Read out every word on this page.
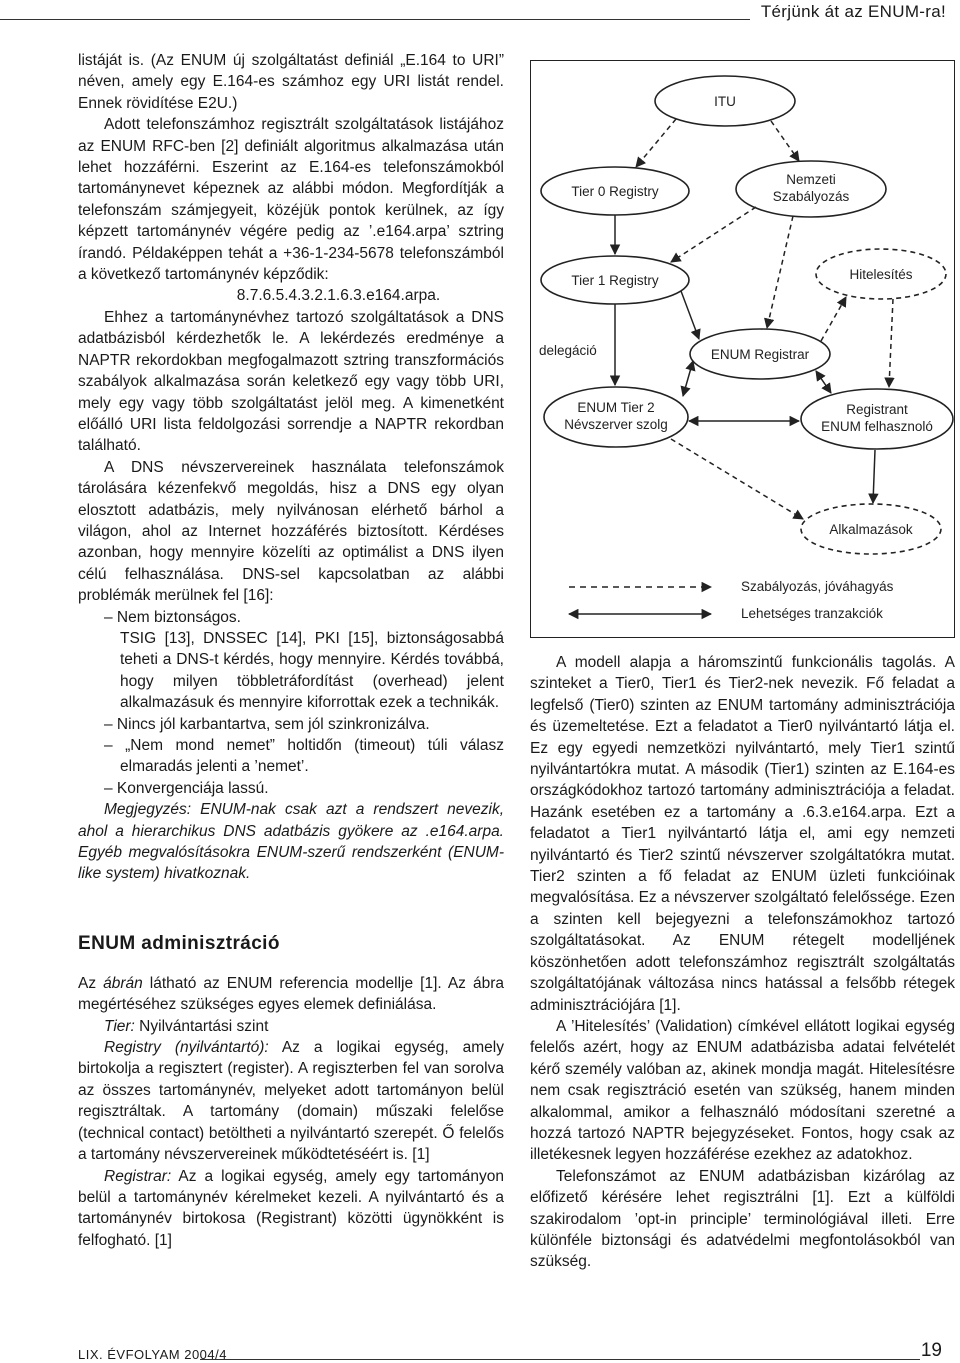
Térjünk át az ENUM-ra!

listáját is. (Az ENUM új szolgáltatást definiál „E.164 to URI” néven, amely egy E.164-es számhoz egy URI listát rendel. Ennek rövidítése E2U.)

Adott telefonszámhoz regisztrált szolgáltatások listájához az ENUM RFC-ben [2] definiált algoritmus alkalmazása után lehet hozzáférni. Eszerint az E.164-es telefonszámokból tartománynevet képeznek az alábbi módon. Megfordítják a telefonszám számjegyeit, közéjük pontok kerülnek, az így képzett tartománynév végére pedig az ’.e164.arpa’ sztring írandó. Példaképpen tehát a +36-1-234-5678 telefonszámból a következő tartománynév képződik:

8.7.6.5.4.3.2.1.6.3.e164.arpa.

Ehhez a tartománynévhez tartozó szolgáltatások a DNS adatbázisból kérdezhetők le. A lekérdezés eredménye a NAPTR rekordokban megfogalmazott sztring transzformációs szabályok alkalmazása során keletkező egy vagy több URI, mely egy vagy több szolgáltatást jelöl meg. A kimenetként előálló URI lista feldolgozási sorrendje a NAPTR rekordban található.

A DNS névszervereinek használata telefonszámok tárolására kézenfekvő megoldás, hisz a DNS egy olyan elosztott adatbázis, mely nyilvánosan elérhető bárhol a világon, ahol az Internet hozzáférés biztosított. Kérdéses azonban, hogy mennyire közelíti az optimálist a DNS ilyen célú felhasználása. DNS-sel kapcsolatban az alábbi problémák merülnek fel [16]:

– Nem biztonságos.
TSIG [13], DNSSEC [14], PKI [15], biztonságosabbá teheti a DNS-t kérdés, hogy mennyire. Kérdés továbbá, hogy milyen többletráfordítást (overhead) jelent alkalmazásuk és mennyire kiforrottak ezek a technikák.
– Nincs jól karbantartva, sem jól szinkronizálva.
– „Nem mond nemet” holtidőn (timeout) túli válasz elmaradás jelenti a ’nemet’.
– Konvergenciája lassú.

Megjegyzés: ENUM-nak csak azt a rendszert nevezik, ahol a hierarchikus DNS adatbázis gyökere az .e164.arpa. Egyéb megvalósításokra ENUM-szerű rendszerként (ENUM-like system) hivatkoznak.

ENUM adminisztráció

Az ábrán látható az ENUM referencia modellje [1]. Az ábra megértéséhez szükséges egyes elemek definiálása.

Tier: Nyilvántartási szint

Registry (nyilvántartó): Az a logikai egység, amely birtokolja a regisztert (register). A regiszterben fel van sorolva az összes tartománynév, melyeket adott tartományon belül regisztráltak. A tartomány (domain) műszaki felelőse (technical contact) betöltheti a nyilvántartó szerepét. Ő felelős a tartomány névszervereinek működtetéséért is. [1]

Registrar: Az a logikai egység, amely egy tartományon belül a tartománynév kérelmeket kezeli. A nyilvántartó és a tartománynév birtokosa (Registrant) közötti ügynökként is felfogható. [1]

ITU
Tier 0 Registry
Nemzeti
Szabályozás
Tier 1 Registry	Hitelesítés
delegáció	ENUM Registrar
ENUM Tier 2
Névszerver szolg
Registrant
ENUM felhasznoló
Alkalmazások
Szabályozás, jóváhagyás
Lehetséges tranzakciók

A modell alapja a háromszintű funkcionális tagolás. A szinteket a Tier0, Tier1 és Tier2-nek nevezik. Fő feladat a legfelső (Tier0) szinten az ENUM tartomány adminisztrációja és üzemeltetése. Ezt a feladatot a Tier0 nyilvántartó látja el. Ez egy egyedi nemzetközi nyilvántartó, mely Tier1 szintű nyilvántartókra mutat. A második (Tier1) szinten az E.164-es országkódokhoz tartozó tartomány adminisztrációja a feladat. Hazánk esetében ez a tartomány a .6.3.e164.arpa. Ezt a feladatot a Tier1 nyilvántartó látja el, ami egy nemzeti nyilvántartó és Tier2 szintű névszerver szolgáltatókra mutat. Tier2 szinten a fő feladat az ENUM üzleti funkcióinak megvalósítása. Ez a névszerver szolgáltató felelőssége. Ezen a szinten kell bejegyezni a telefonszámokhoz tartozó szolgáltatásokat. Az ENUM rétegelt modelljének köszönhetően adott telefonszámhoz regisztrált szolgáltatás szolgáltatójának változása nincs hatással a felsőbb rétegek adminisztrációjára [1].

A ’Hitelesítés’ (Validation) címkével ellátott logikai egység felelős azért, hogy az ENUM adatbázisba adatai felvételét kérő személy valóban az, akinek mondja magát. Hitelesítésre nem csak regisztráció esetén van szükség, hanem minden alkalommal, amikor a felhasználó módosítani szeretné a hozzá tartozó NAPTR bejegyzéseket. Fontos, hogy csak az illetékesnek legyen hozzáférése ezekhez az adatokhoz.

Telefonszámot az ENUM adatbázisban kizárólag az előfizető kérésére lehet regisztrálni [1]. Ezt a külföldi szakirodalom ’opt-in principle’ terminológiával illeti. Erre különféle biztonsági és adatvédelmi megfontolásokból van szükség.

LIX. ÉVFOLYAM 2004/4	19
